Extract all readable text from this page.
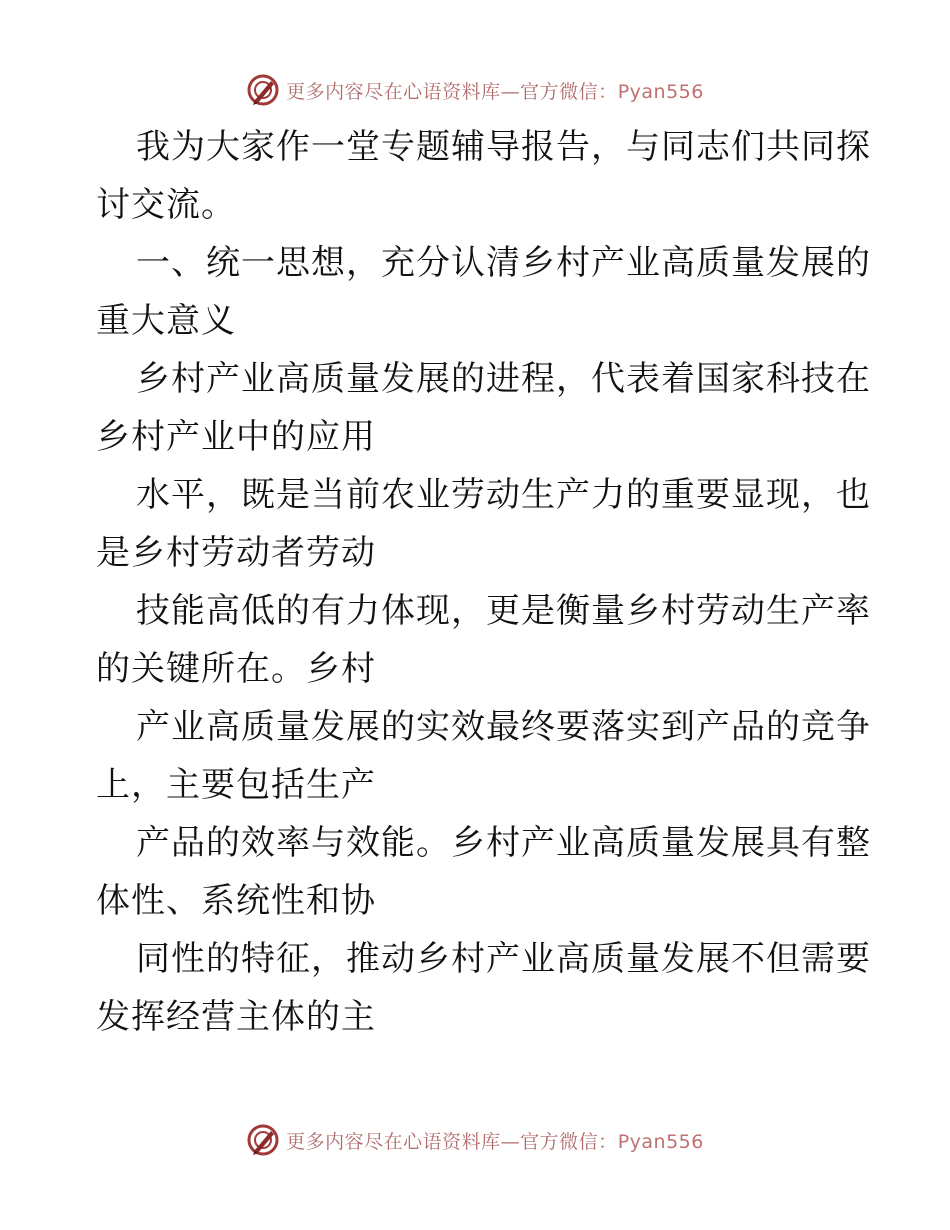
更多内容尽在心语资料库—官方微信：Pyan556
我为大家作一堂专题辅导报告，与同志们共同探
讨交流。
一、统一思想，充分认清乡村产业高质量发展的
重大意义
乡村产业高质量发展的进程，代表着国家科技在
乡村产业中的应用
水平，既是当前农业劳动生产力的重要显现，也
是乡村劳动者劳动
技能高低的有力体现，更是衡量乡村劳动生产率
的关键所在。乡村
产业高质量发展的实效最终要落实到产品的竞争
上，主要包括生产
产品的效率与效能。乡村产业高质量发展具有整
体性、系统性和协
同性的特征，推动乡村产业高质量发展不但需要
发挥经营主体的主
更多内容尽在心语资料库—官方微信：Pyan556
